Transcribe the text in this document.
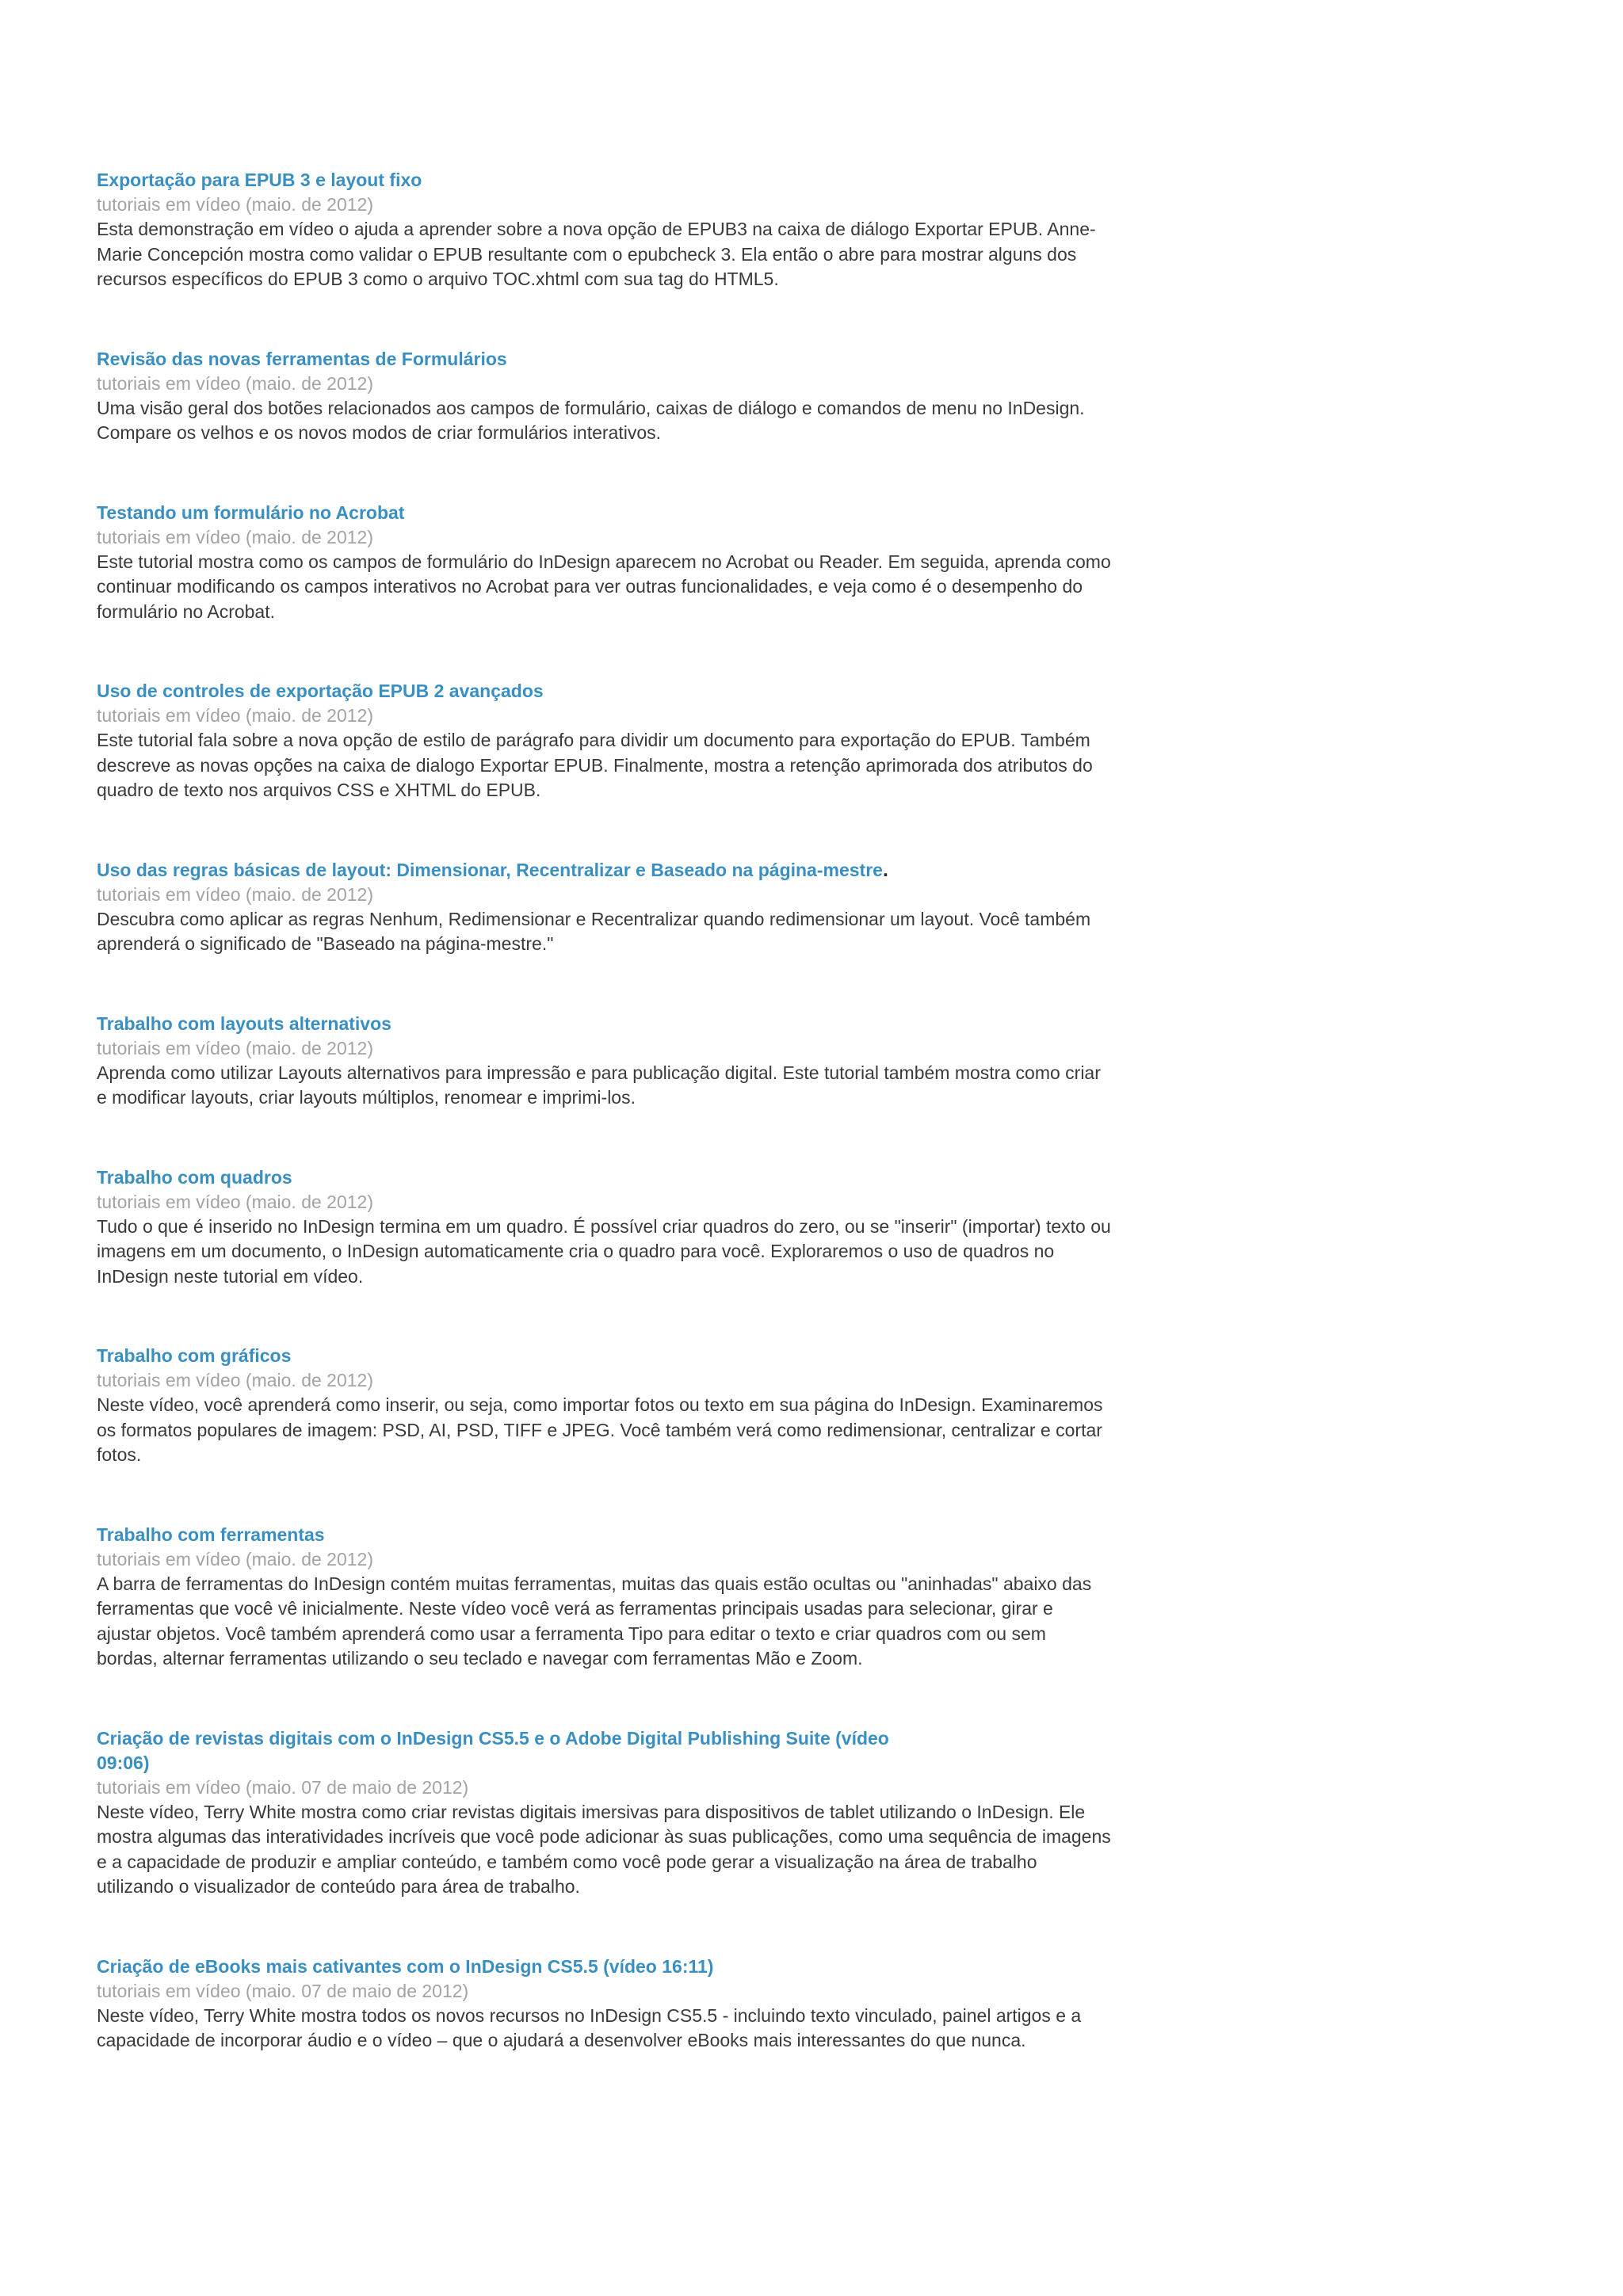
Exportação para EPUB 3 e layout fixo
tutoriais em vídeo (maio. de 2012)

Esta demonstração em vídeo o ajuda a aprender sobre a nova opção de EPUB3 na caixa de diálogo Exportar EPUB. Anne-Marie Concepción mostra como validar o EPUB resultante com o epubcheck 3. Ela então o abre para mostrar alguns dos recursos específicos do EPUB 3 como o arquivo TOC.xhtml com sua tag do HTML5.

Revisão das novas ferramentas de Formulários
tutoriais em vídeo (maio. de 2012)

Uma visão geral dos botões relacionados aos campos de formulário, caixas de diálogo e comandos de menu no InDesign. Compare os velhos e os novos modos de criar formulários interativos.

Testando um formulário no Acrobat
tutoriais em vídeo (maio. de 2012)

Este tutorial mostra como os campos de formulário do InDesign aparecem no Acrobat ou Reader. Em seguida, aprenda como continuar modificando os campos interativos no Acrobat para ver outras funcionalidades, e veja como é o desempenho do formulário no Acrobat.

Uso de controles de exportação EPUB 2 avançados
tutoriais em vídeo (maio. de 2012)

Este tutorial fala sobre a nova opção de estilo de parágrafo para dividir um documento para exportação do EPUB. Também descreve as novas opções na caixa de dialogo Exportar EPUB. Finalmente, mostra a retenção aprimorada dos atributos do quadro de texto nos arquivos CSS e XHTML do EPUB.

Uso das regras básicas de layout: Dimensionar, Recentralizar e Baseado na página-mestre.
tutoriais em vídeo (maio. de 2012)

Descubra como aplicar as regras Nenhum, Redimensionar e Recentralizar quando redimensionar um layout. Você também aprenderá o significado de "Baseado na página-mestre."

Trabalho com layouts alternativos
tutoriais em vídeo (maio. de 2012)

Aprenda como utilizar Layouts alternativos para impressão e para publicação digital. Este tutorial também mostra como criar e modificar layouts, criar layouts múltiplos, renomear e imprimi-los.

Trabalho com quadros
tutoriais em vídeo (maio. de 2012)

Tudo o que é inserido no InDesign termina em um quadro. É possível criar quadros do zero, ou se "inserir" (importar) texto ou imagens em um documento, o InDesign automaticamente cria o quadro para você. Exploraremos o uso de quadros no InDesign neste tutorial em vídeo.

Trabalho com gráficos
tutoriais em vídeo (maio. de 2012)

Neste vídeo, você aprenderá como inserir, ou seja, como importar fotos ou texto em sua página do InDesign. Examinaremos os formatos populares de imagem: PSD, AI, PSD, TIFF e JPEG. Você também verá como redimensionar, centralizar e cortar fotos.

Trabalho com ferramentas
tutoriais em vídeo (maio. de 2012)

A barra de ferramentas do InDesign contém muitas ferramentas, muitas das quais estão ocultas ou "aninhadas" abaixo das ferramentas que você vê inicialmente. Neste vídeo você verá as ferramentas principais usadas para selecionar, girar e ajustar objetos. Você também aprenderá como usar a ferramenta Tipo para editar o texto e criar quadros com ou sem bordas, alternar ferramentas utilizando o seu teclado e navegar com ferramentas Mão e Zoom.

Criação de revistas digitais com o InDesign CS5.5 e o Adobe Digital Publishing Suite (vídeo 09:06)
tutoriais em vídeo (maio. 07 de maio de 2012)

Neste vídeo, Terry White mostra como criar revistas digitais imersivas para dispositivos de tablet utilizando o InDesign. Ele mostra algumas das interatividades incríveis que você pode adicionar às suas publicações, como uma sequência de imagens e a capacidade de produzir e ampliar conteúdo, e também como você pode gerar a visualização na área de trabalho utilizando o visualizador de conteúdo para área de trabalho.

Criação de eBooks mais cativantes com o InDesign CS5.5 (vídeo 16:11)
tutoriais em vídeo (maio. 07 de maio de 2012)

Neste vídeo, Terry White mostra todos os novos recursos no InDesign CS5.5 - incluindo texto vinculado, painel artigos e a capacidade de incorporar áudio e o vídeo – que o ajudará a desenvolver eBooks mais interessantes do que nunca.
